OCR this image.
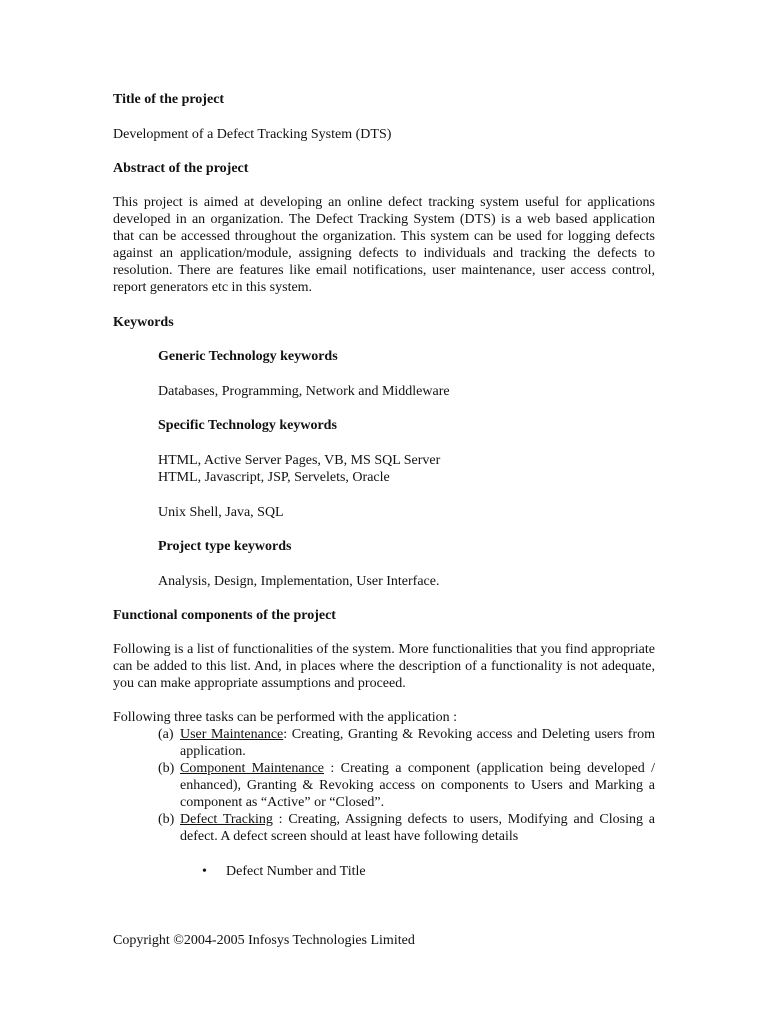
Title of the project

Development of a Defect Tracking System (DTS)

Abstract of the project

This project is aimed at developing an online defect tracking system useful for applications developed in an organization. The Defect Tracking System (DTS) is a web based application that can be accessed throughout the organization. This system can be used for logging defects against an application/module, assigning defects to individuals and tracking the defects to resolution. There are features like email notifications, user maintenance, user access control, report generators etc in this system.

Keywords

Generic Technology keywords

Databases, Programming, Network and Middleware

Specific Technology keywords

HTML, Active Server Pages, VB, MS SQL Server

HTML, Javascript, JSP, Servelets, Oracle

Unix Shell, Java, SQL

Project type keywords

Analysis, Design, Implementation, User Interface.

Functional components of the project

Following is a list of functionalities of the system. More functionalities that you find appropriate can be added to this list. And, in places where the description of a functionality is not adequate, you can make appropriate assumptions and proceed.

Following three tasks can be performed with the application :

(a) User Maintenance: Creating, Granting & Revoking access and Deleting users from application.
(b) Component Maintenance : Creating a component (application being developed / enhanced), Granting & Revoking access on components to Users and Marking a component as “Active” or “Closed”.
(b) Defect Tracking : Creating, Assigning defects to users, Modifying and Closing a defect. A defect screen should at least have following details
• Defect Number and Title

Copyright ©2004-2005 Infosys Technologies Limited
